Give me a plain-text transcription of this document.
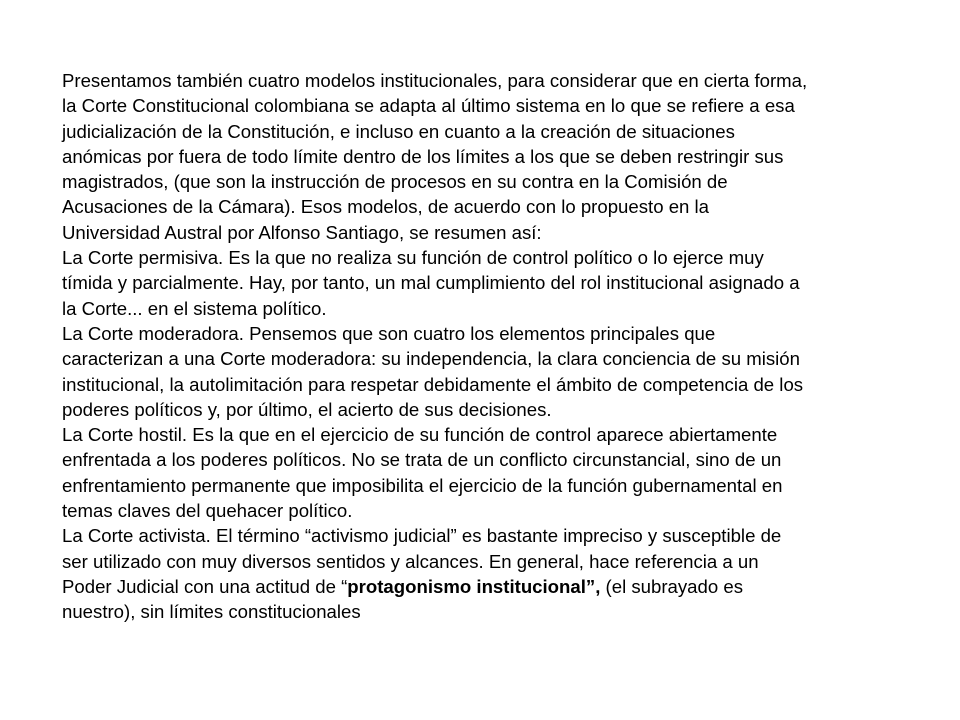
Presentamos también cuatro modelos institucionales, para considerar que en cierta forma,
la Corte Constitucional colombiana se adapta al último sistema en lo que se refiere a esa
judicialización de la Constitución, e incluso en cuanto a la creación de situaciones
anómicas por fuera de todo límite dentro de los límites a los que se deben restringir sus
magistrados, (que son la instrucción de procesos en su contra en la Comisión de
Acusaciones de la Cámara). Esos modelos, de acuerdo con lo propuesto en la
Universidad Austral por Alfonso Santiago, se resumen así:
La Corte permisiva. Es la que no realiza su función de control político o lo ejerce muy
tímida y parcialmente. Hay, por tanto, un mal cumplimiento del rol institucional asignado a
la Corte... en el sistema político.
La Corte moderadora. Pensemos que son cuatro los elementos principales que
caracterizan a una Corte moderadora: su independencia, la clara conciencia de su misión
institucional, la autolimitación para respetar debidamente el ámbito de competencia de los
poderes políticos y, por último, el acierto de sus decisiones.
La Corte hostil. Es la que en el ejercicio de su función de control aparece abiertamente
enfrentada a los poderes políticos. No se trata de un conflicto circunstancial, sino de un
enfrentamiento permanente que imposibilita el ejercicio de la función gubernamental en
temas claves del quehacer político.
La Corte activista. El término “activismo judicial” es bastante impreciso y susceptible de
ser utilizado con muy diversos sentidos y alcances. En general, hace referencia a un
Poder Judicial con una actitud de “protagonismo institucional”, (el subrayado es
nuestro), sin límites constitucionales
